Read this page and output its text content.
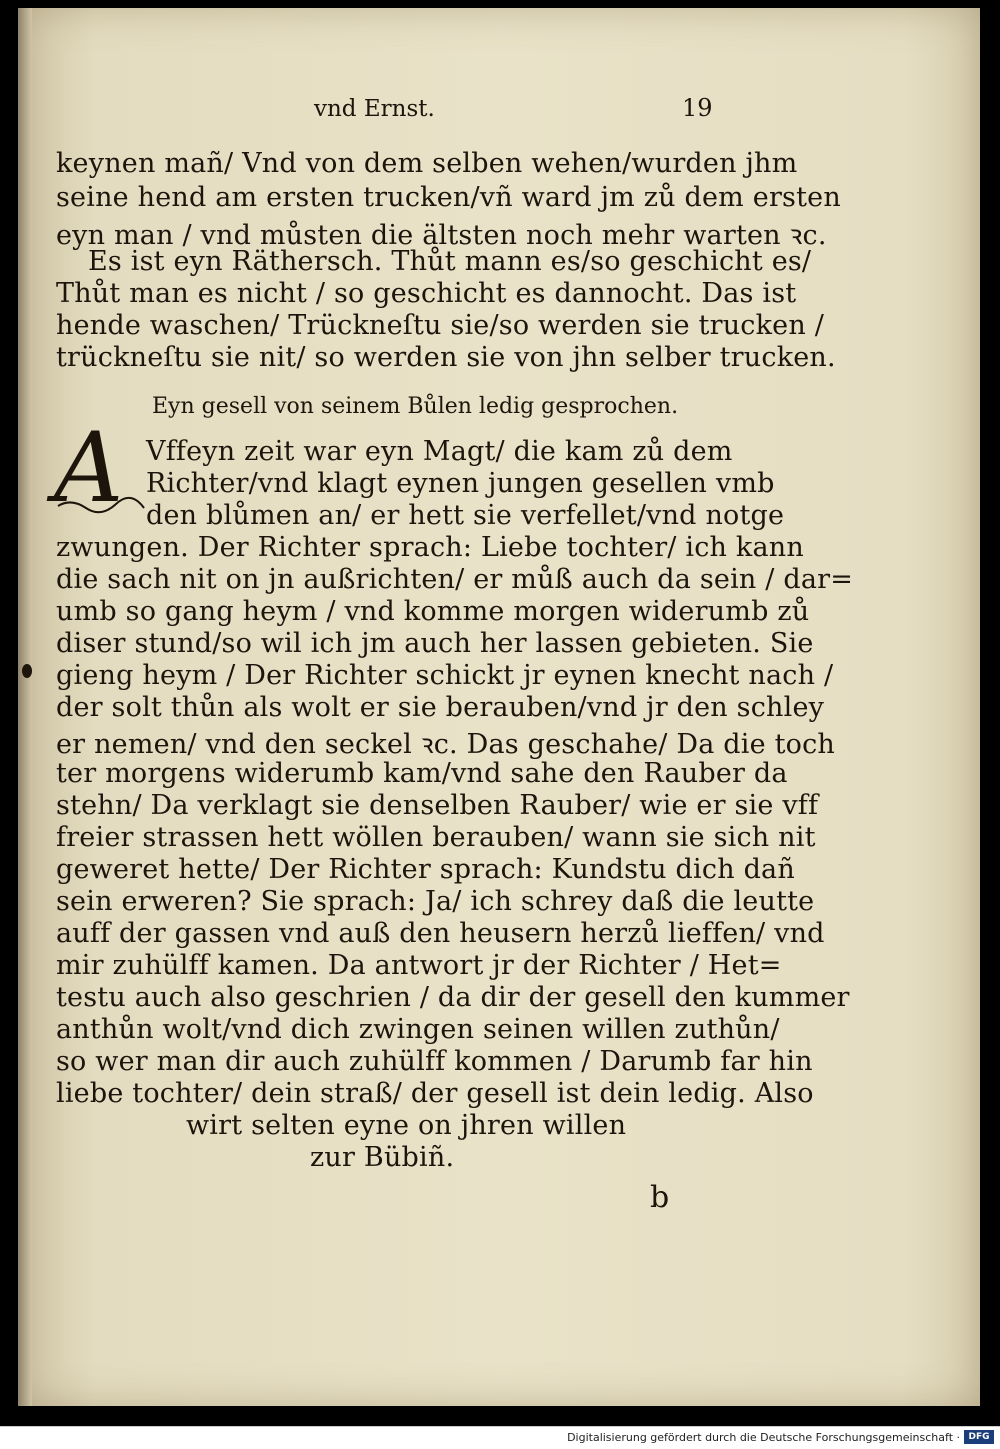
vnd Ernst.	19
keynen mañ/ Vnd von dem selben wehen/wurden jhm
seine hend am ersten trucken/vñ ward jm zů dem ersten
eyn man / vnd můsten die ältsten noch mehr warten ꝛc.
Es ist eyn Räthersch. Thůt mann es/so geschicht es/
Thůt man es nicht / so geschicht es dannocht. Das ist
hende waschen/ Trückneſtu sie/so werden sie trucken /
trückneſtu sie nit/ so werden sie von jhn selber trucken.
Eyn gesell von seinem Bůlen ledig gesprochen.
A Vffeyn zeit war eyn Magt/ die kam zů dem
Richter/vnd klagt eynen jungen gesellen vmb
den blůmen an/ er hett sie verfellet/vnd notge
zwungen. Der Richter sprach: Liebe tochter/ ich kann
die sach nit on jn außrichten/ er můß auch da sein / dar=
umb so gang heym / vnd komme morgen widerumb zů
diser stund/so wil ich jm auch her lassen gebieten. Sie
gieng heym / Der Richter schickt jr eynen knecht nach /
der solt thůn als wolt er sie berauben/vnd jr den schley
er nemen/ vnd den seckel ꝛc. Das geschahe/ Da die toch
ter morgens widerumb kam/vnd sahe den Rauber da
stehn/ Da verklagt sie denselben Rauber/ wie er sie vff
freier strassen hett wöllen berauben/ wann sie sich nit
geweret hette/ Der Richter sprach: Kundstu dich dañ
sein erweren? Sie sprach: Ja/ ich schrey daß die leutte
auff der gassen vnd auß den heusern herzů lieffen/ vnd
mir zuhülff kamen. Da antwort jr der Richter / Het=
testu auch also geschrien / da dir der gesell den kummer
anthůn wolt/vnd dich zwingen seinen willen zuthůn/
so wer man dir auch zuhülff kommen / Darumb far hin
liebe tochter/ dein straß/ der gesell ist dein ledig. Also
wirt selten eyne on jhren willen
zur Bübiñ.
b
Digitalisierung gefördert durch die Deutsche Forschungsgemeinschaft · DFG
